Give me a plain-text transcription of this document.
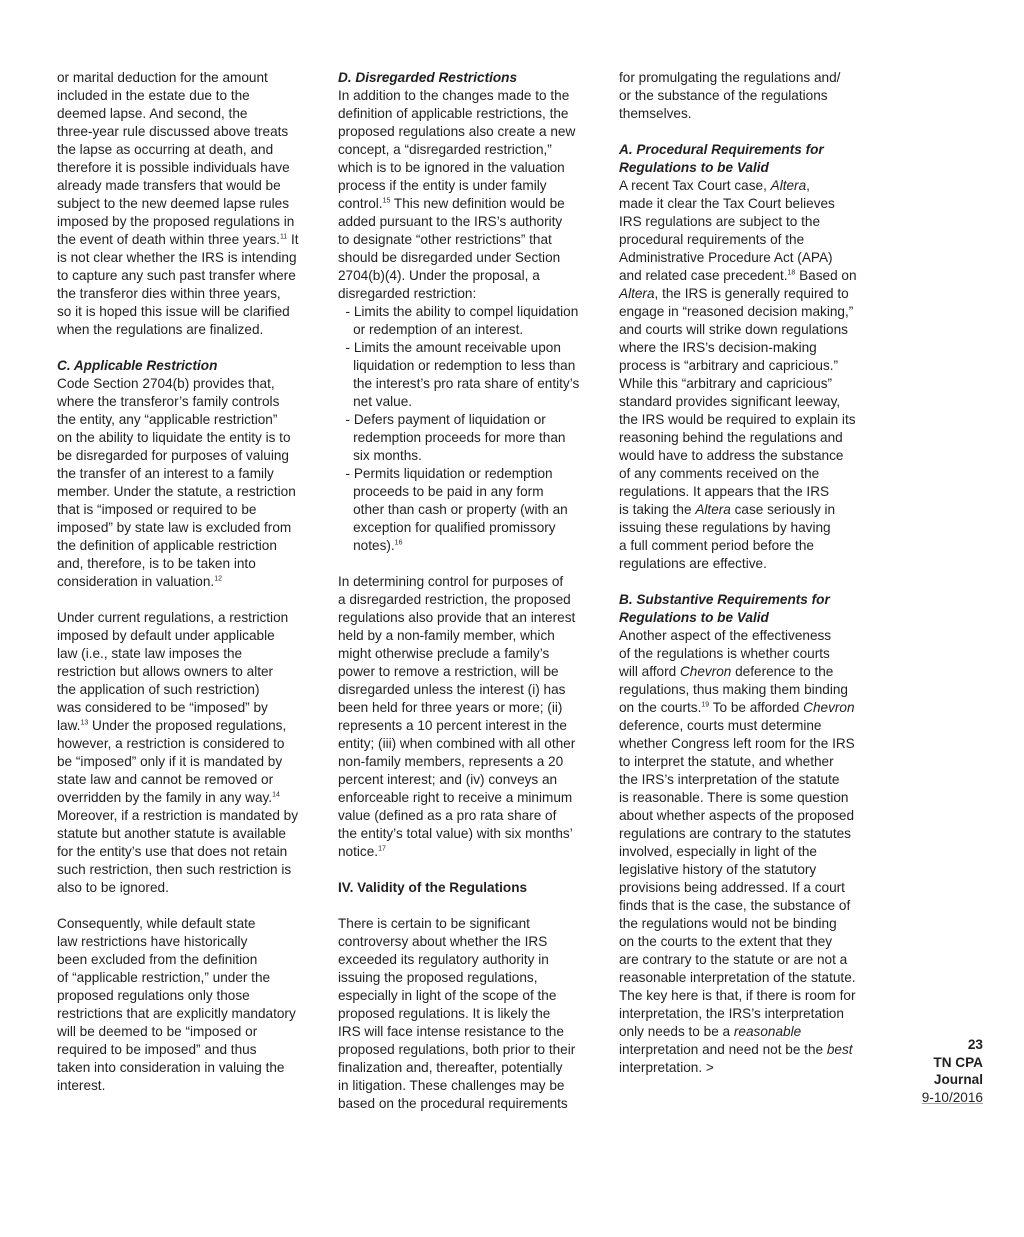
or marital deduction for the amount
included in the estate due to the
deemed lapse. And second, the
three-year rule discussed above treats
the lapse as occurring at death, and
therefore it is possible individuals have
already made transfers that would be
subject to the new deemed lapse rules
imposed by the proposed regulations in
the event of death within three years.$^{11}$ It
is not clear whether the IRS is intending
to capture any such past transfer where
the transferor dies within three years,
so it is hoped this issue will be clarified
when the regulations are finalized.
C. Applicable Restriction
Code Section 2704(b) provides that,
where the transferor’s family controls
the entity, any “applicable restriction”
on the ability to liquidate the entity is to
be disregarded for purposes of valuing
the transfer of an interest to a family
member. Under the statute, a restriction
that is “imposed or required to be
imposed” by state law is excluded from
the definition of applicable restriction
and, therefore, is to be taken into
consideration in valuation.$^{12}$
Under current regulations, a restriction
imposed by default under applicable
law (i.e., state law imposes the
restriction but allows owners to alter
the application of such restriction)
was considered to be “imposed” by
law.$^{13}$ Under the proposed regulations,
however, a restriction is considered to
be “imposed” only if it is mandated by
state law and cannot be removed or
overridden by the family in any way.$^{14}$
Moreover, if a restriction is mandated by
statute but another statute is available
for the entity’s use that does not retain
such restriction, then such restriction is
also to be ignored.
Consequently, while default state
law restrictions have historically
been excluded from the definition
of “applicable restriction,” under the
proposed regulations only those
restrictions that are explicitly mandatory
will be deemed to be “imposed or
required to be imposed” and thus
taken into consideration in valuing the
interest.
D. Disregarded Restrictions
In addition to the changes made to the
definition of applicable restrictions, the
proposed regulations also create a new
concept, a “disregarded restriction,”
which is to be ignored in the valuation
process if the entity is under family
control.$^{15}$ This new definition would be
added pursuant to the IRS’s authority
to designate “other restrictions” that
should be disregarded under Section
2704(b)(4). Under the proposal, a
disregarded restriction:
- Limits the ability to compel liquidation
or redemption of an interest.
- Limits the amount receivable upon
liquidation or redemption to less than
the interest’s pro rata share of entity’s
net value.
- Defers payment of liquidation or
redemption proceeds for more than
six months.
- Permits liquidation or redemption
proceeds to be paid in any form
other than cash or property (with an
exception for qualified promissory
notes).$^{16}$
In determining control for purposes of
a disregarded restriction, the proposed
regulations also provide that an interest
held by a non-family member, which
might otherwise preclude a family’s
power to remove a restriction, will be
disregarded unless the interest (i) has
been held for three years or more; (ii)
represents a 10 percent interest in the
entity; (iii) when combined with all other
non-family members, represents a 20
percent interest; and (iv) conveys an
enforceable right to receive a minimum
value (defined as a pro rata share of
the entity’s total value) with six months’
notice.$^{17}$
IV. Validity of the Regulations
There is certain to be significant
controversy about whether the IRS
exceeded its regulatory authority in
issuing the proposed regulations,
especially in light of the scope of the
proposed regulations. It is likely the
IRS will face intense resistance to the
proposed regulations, both prior to their
finalization and, thereafter, potentially
in litigation. These challenges may be
based on the procedural requirements
for promulgating the regulations and/
or the substance of the regulations
themselves.
A. Procedural Requirements for
Regulations to be Valid
A recent Tax Court case, Altera,
made it clear the Tax Court believes
IRS regulations are subject to the
procedural requirements of the
Administrative Procedure Act (APA)
and related case precedent.$^{18}$ Based on
Altera, the IRS is generally required to
engage in “reasoned decision making,”
and courts will strike down regulations
where the IRS’s decision-making
process is “arbitrary and capricious.”
While this “arbitrary and capricious”
standard provides significant leeway,
the IRS would be required to explain its
reasoning behind the regulations and
would have to address the substance
of any comments received on the
regulations. It appears that the IRS
is taking the Altera case seriously in
issuing these regulations by having
a full comment period before the
regulations are effective.
B. Substantive Requirements for
Regulations to be Valid
Another aspect of the effectiveness
of the regulations is whether courts
will afford Chevron deference to the
regulations, thus making them binding
on the courts.$^{19}$ To be afforded Chevron
deference, courts must determine
whether Congress left room for the IRS
to interpret the statute, and whether
the IRS’s interpretation of the statute
is reasonable. There is some question
about whether aspects of the proposed
regulations are contrary to the statutes
involved, especially in light of the
legislative history of the statutory
provisions being addressed. If a court
finds that is the case, the substance of
the regulations would not be binding
on the courts to the extent that they
are contrary to the statute or are not a
reasonable interpretation of the statute.
The key here is that, if there is room for
interpretation, the IRS’s interpretation
only needs to be a reasonable
interpretation and need not be the best
interpretation. >
23
TN CPA
Journal
9-10/2016
